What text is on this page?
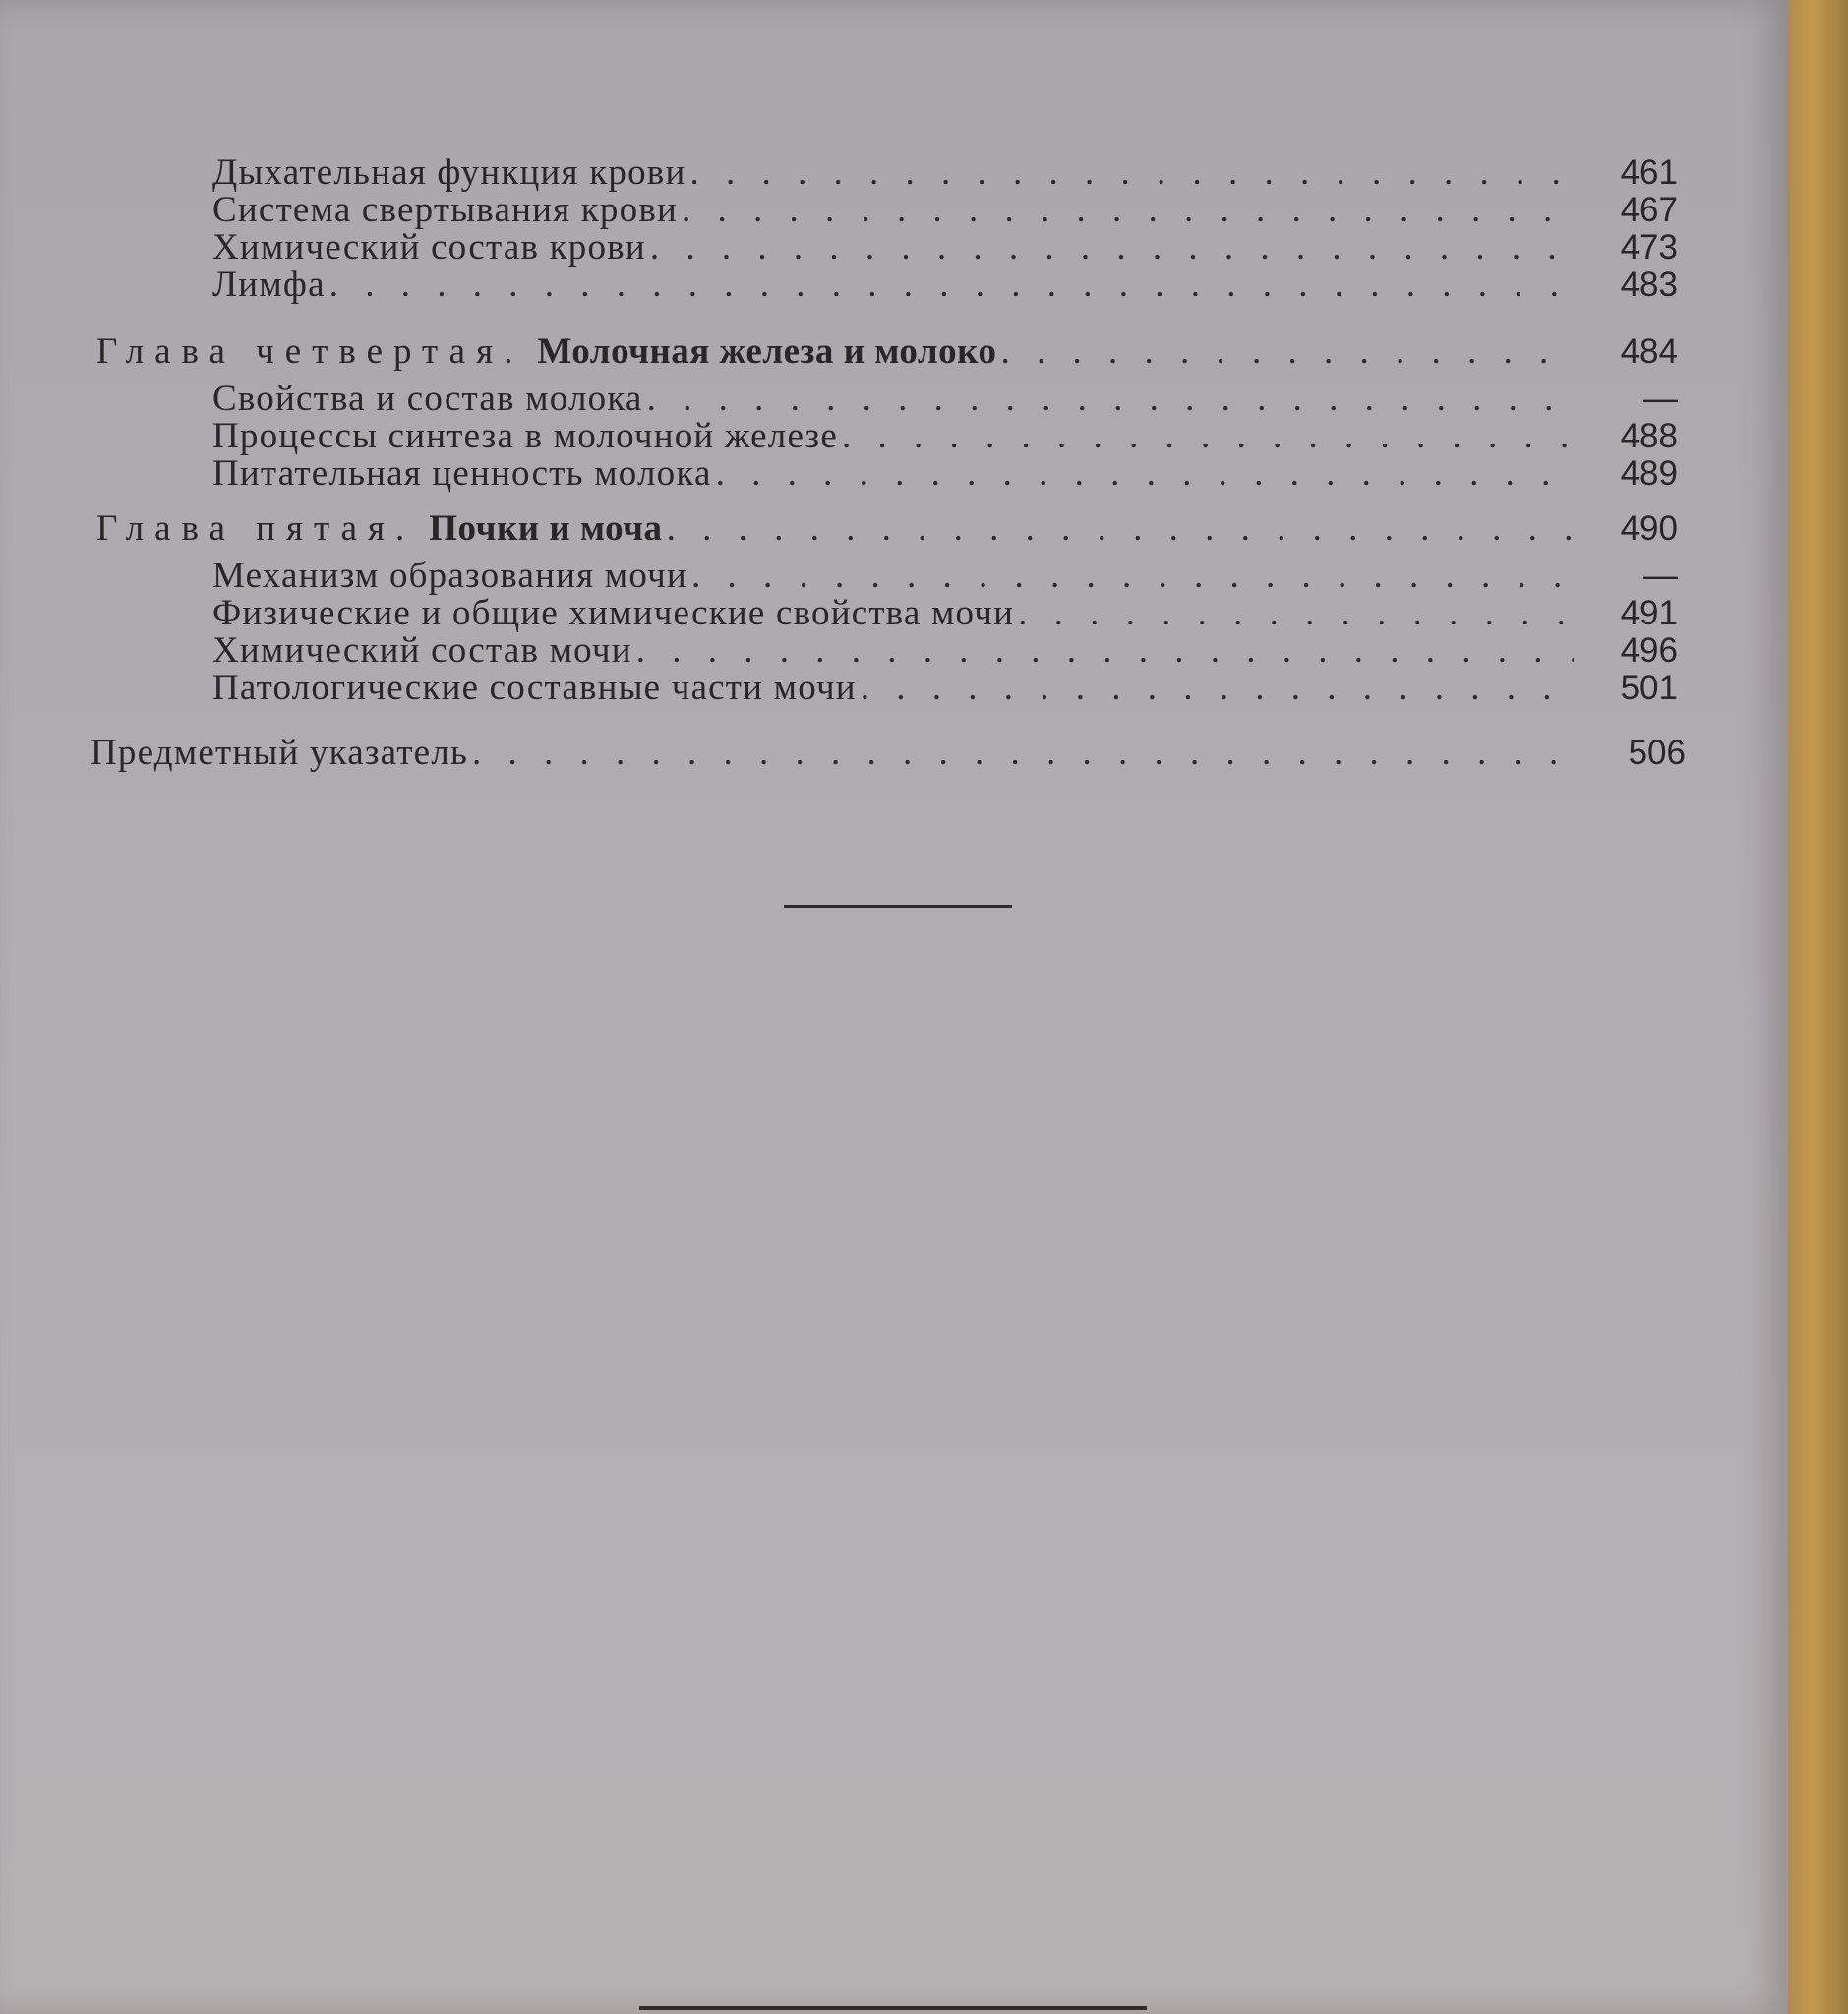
Дыхательная функция крови . . .	461
Система свертывания крови . . .	467
Химический состав крови . . .	473
Лимфа . . .	483
Глава четвертая. Молочная железа и молоко . . .	484
Свойства и состав молока . . .	—
Процессы синтеза в молочной железе . . .	488
Питательная ценность молока . . .	489
Глава пятая. Почки и моча . . .	490
Механизм образования мочи . . .	—
Физические и общие химические свойства мочи . . .	491
Химический состав мочи . . .	496
Патологические составные части мочи . . .	501
Предметный указатель . . .	506
